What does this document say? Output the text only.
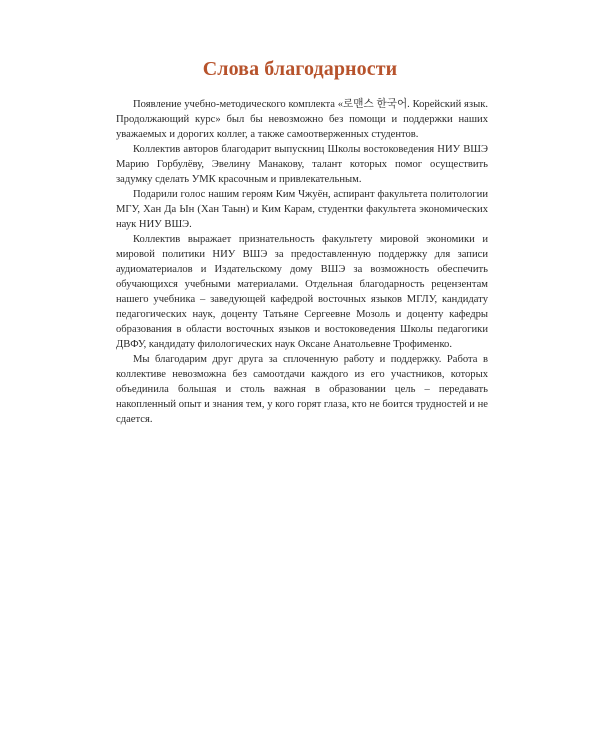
Слова благодарности

Появление учебно-методического комплекта «로맨스 한국어. Корейский язык. Продолжающий курс» был бы невозможно без помощи и поддержки наших уважаемых и дорогих коллег, а также самоотверженных студентов.

Коллектив авторов благодарит выпускниц Школы востоковедения НИУ ВШЭ Марию Горбулёву, Эвелину Манакову, талант которых помог осуществить задумку сделать УМК красочным и привлекательным.

Подарили голос нашим героям Ким Чжуён, аспирант факультета политологии МГУ, Хан Да Ын (Хан Таын) и Ким Карам, студентки факультета экономических наук НИУ ВШЭ.

Коллектив выражает признательность факультету мировой экономики и мировой политики НИУ ВШЭ за предоставленную поддержку для записи аудиоматериалов и Издательскому дому ВШЭ за возможность обеспечить обучающихся учебными материалами. Отдельная благодарность рецензентам нашего учебника – заведующей кафедрой восточных языков МГЛУ, кандидату педагогических наук, доценту Татьяне Сергеевне Мозоль и доценту кафедры образования в области восточных языков и востоковедения Школы педагогики ДВФУ, кандидату филологических наук Оксане Анатольевне Трофименко.

Мы благодарим друг друга за сплоченную работу и поддержку. Работа в коллективе невозможна без самоотдачи каждого из его участников, которых объединила большая и столь важная в образовании цель – передавать накопленный опыт и знания тем, у кого горят глаза, кто не боится трудностей и не сдается.
